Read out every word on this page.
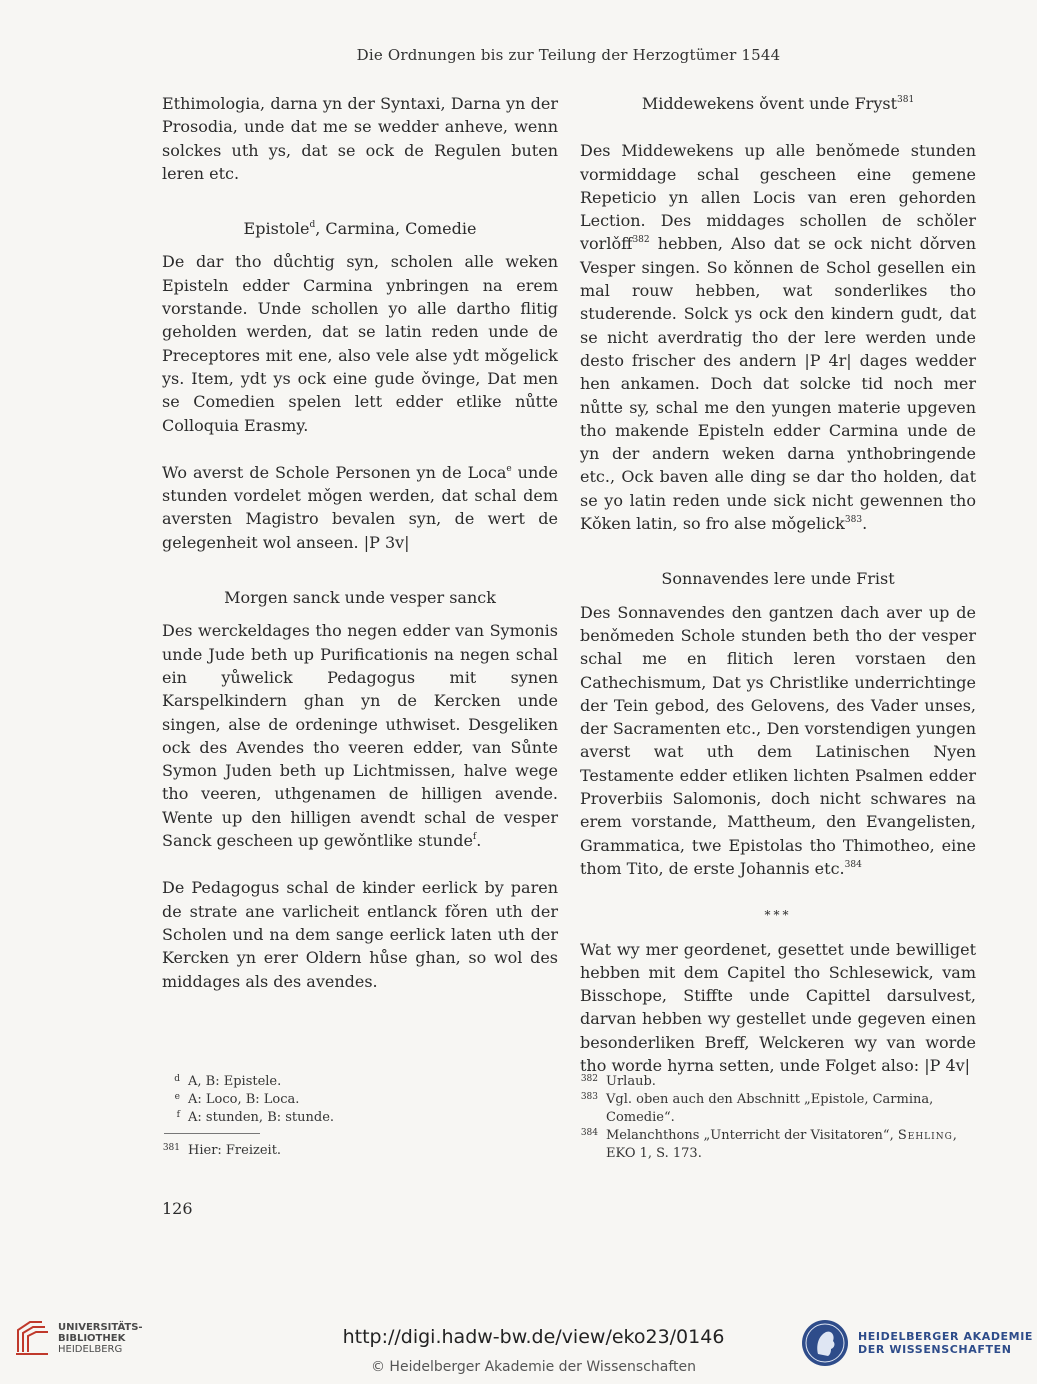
Die Ordnungen bis zur Teilung der Herzogtümer 1544

Ethimologia, darna yn der Syntaxi, Darna yn der Prosodia, unde dat me se wedder anheve, wenn solckes uth ys, dat se ock de Regulen buten leren etc.

Epistole$^d$, Carmina, Comedie

De dar tho důchtig syn, scholen alle weken Episteln edder Carmina ynbringen na erem vorstande. Unde schollen yo alle dartho flitig geholden werden, dat se latin reden unde de Preceptores mit ene, also vele alse ydt mǒgelick ys. Item, ydt ys ock eine gude ǒvinge, Dat men se Comedien spelen lett edder etlike nůtte Colloquia Erasmy.

Wo averst de Schole Personen yn de Loca$^e$ unde stunden vordelet mǒgen werden, dat schal dem aversten Magistro bevalen syn, de wert de gelegenheit wol anseen. |P 3v|

Morgen sanck unde vesper sanck

Des werckeldages tho negen edder van Symonis unde Jude beth up Purificationis na negen schal ein yůwelick Pedagogus mit synen Karspelkindern ghan yn de Kercken unde singen, alse de ordeninge uthwiset. Desgeliken ock des Avendes tho veeren edder, van Sůnte Symon Juden beth up Lichtmissen, halve wege tho veeren, uthgenamen de hilligen avende. Wente up den hilligen avendt schal de vesper Sanck gescheen up gewǒntlike stunde$^f$.

De Pedagogus schal de kinder eerlick by paren de strate ane varlicheit entlanck fǒren uth der Scholen und na dem sange eerlick laten uth der Kercken yn erer Oldern hůse ghan, so wol des middages als des avendes.

Middewekens ǒvent unde Fryst$^{381}$

Des Middewekens up alle benǒmede stunden vormiddage schal gescheen eine gemene Repeticio yn allen Locis van eren gehorden Lection. Des middages schollen de schǒler vorlǒff$^{382}$ hebben, Also dat se ock nicht dǒrven Vesper singen. So kǒnnen de Schol gesellen ein mal rouw hebben, wat sonderlikes tho studerende. Solck ys ock den kindern gudt, dat se nicht averdratig tho der lere werden unde desto frischer des andern |P 4r| dages wedder hen ankamen. Doch dat solcke tid noch mer nůtte sy, schal me den yungen materie upgeven tho makende Episteln edder Carmina unde de yn der andern weken darna ynthobringende etc., Ock baven alle ding se dar tho holden, dat se yo latin reden unde sick nicht gewennen tho Kǒken latin, so fro alse mǒgelick$^{383}$.

Sonnavendes lere unde Frist

Des Sonnavendes den gantzen dach aver up de benǒmeden Schole stunden beth tho der vesper schal me en flitich leren vorstaen den Cathechismum, Dat ys Christlike underrichtinge der Tein gebod, des Gelovens, des Vader unses, der Sacramenten etc., Den vorstendigen yungen averst wat uth dem Latinischen Nyen Testamente edder etliken lichten Psalmen edder Proverbiis Salomonis, doch nicht schwares na erem vorstande, Mattheum, den Evangelisten, Grammatica, twe Epistolas tho Thimotheo, eine thom Tito, de erste Johannis etc.$^{384}$

***

Wat wy mer geordenet, gesettet unde bewilliget hebben mit dem Capitel tho Schlesewick, vam Bisschope, Stiffte unde Capittel darsulvest, darvan hebben wy gestellet unde gegeven einen besonderliken Breff, Welckeren wy van worde tho worde hyrna setten, unde Folget also: |P 4v|

d A, B: Epistele.
e A: Loco, B: Loca.
f A: stunden, B: stunde.
381 Hier: Freizeit.
382 Urlaub.
383 Vgl. oben auch den Abschnitt „Epistole, Carmina, Comedie“.
384 Melanchthons „Unterricht der Visitatoren“, Sehling, EKO 1, S. 173.
126
UNIVERSITÄTS-
BIBLIOTHEK
HEIDELBERG
http://digi.hadw-bw.de/view/eko23/0146
© Heidelberger Akademie der Wissenschaften
HEIDELBERGER AKADEMIE
DER WISSENSCHAFTEN
